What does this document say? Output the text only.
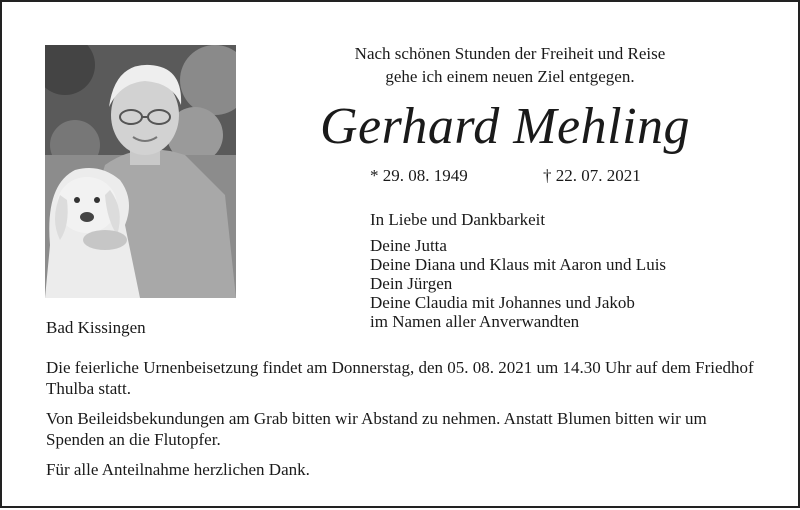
Bad Kissingen
Nach schönen Stunden der Freiheit und Reise
gehe ich einem neuen Ziel entgegen.
Gerhard Mehling
* 29. 08. 1949	† 22. 07. 2021
In Liebe und Dankbarkeit
Deine Jutta
Deine Diana und Klaus mit Aaron und Luis
Dein Jürgen
Deine Claudia mit Johannes und Jakob
im Namen aller Anverwandten

Die feierliche Urnenbeisetzung findet am Donnerstag, den 05. 08. 2021 um 14.30 Uhr auf dem Friedhof Thulba statt.

Von Beileidsbekundungen am Grab bitten wir Abstand zu nehmen. Anstatt Blumen bitten wir um Spenden an die Flutopfer.

Für alle Anteilnahme herzlichen Dank.
